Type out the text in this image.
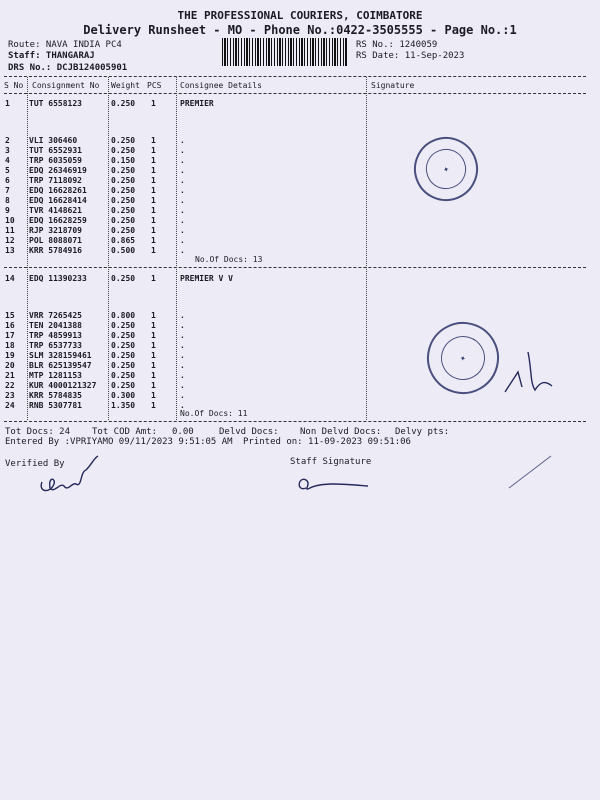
THE PROFESSIONAL COURIERS, COIMBATORE
Delivery Runsheet - MO - Phone No.:0422-3505555 - Page No.:1
Route: NAVA INDIA PC4
Staff: THANGARAJ
DRS No.: DCJB124005901
RS No.: 1240059
RS Date: 11-Sep-2023
S No Consignment No Weight PCS Consignee Details	Signature
1 TUT 6558123	0.250 1	PREMIER
2 VLI 306460	0.250 1	.
3 TUT 6552931	0.250 1	.
4 TRP 6035059	0.150 1	.
5 EDQ 26346919	0.250 1	.
6 TRP 7118092	0.250 1	.
7 EDQ 16628261	0.250 1	.
8 EDQ 16628414	0.250 1	.
9 TVR 4148621	0.250 1	.
10 EDQ 16628259	0.250 1	.
11 RJP 3218709	0.250 1	.
12 POL 8088071	0.865 1	.
13 KRR 5784916	0.500 1	.
No.Of Docs: 13
14 EDQ 11390233	0.250 1	PREMIER V V
15 VRR 7265425	0.800 1	.
16 TEN 2041388	0.250 1	.
17 TRP 4859913	0.250 1	.
18 TRP 6537733	0.250 1	.
19 SLM 328159461 0.250 1	.
20 BLR 625139547 0.250 1	.
21 MTP 1281153	0.250 1	.
22 KUR 4000121327 0.250 1	.
23 KRR 5784835	0.300 1	.
24 RNB 5307781	1.350 1	.
No.Of Docs: 11
Tot Docs: 24 Tot COD Amt: 0.00	Delvd Docs: Non Delvd Docs: Delvy pts:
Entered By :VPRIYAMO 09/11/2023 9:51:05 AM Printed on: 11-09-2023 09:51:06
Verified By	Staff Signature
✦
✦
